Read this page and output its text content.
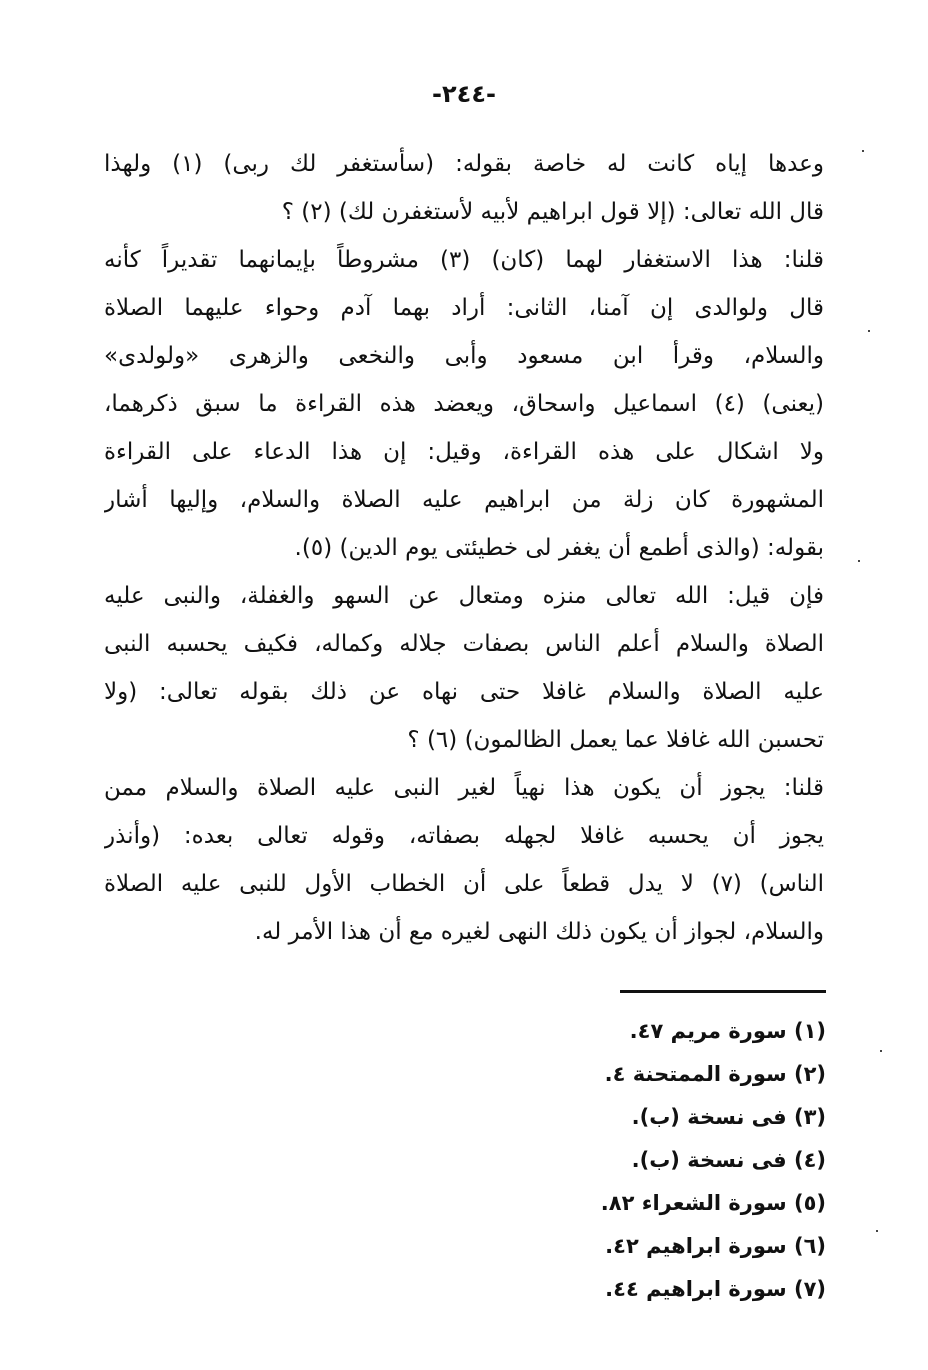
-٢٤٤-
وعدها إياه كانت له خاصة بقوله: (سأستغفر لك ربى) (١) ولهذا
قال الله تعالى: (إلا قول ابراهيم لأبيه لأستغفرن لك) (٢) ؟
قلنا: هذا الاستغفار لهما (كان) (٣) مشروطاً بإيمانهما تقديراً كأنه
قال ولوالدى إن آمنا، الثانى: أراد بهما آدم وحواء عليهما الصلاة
والسلام، وقرأ ابن مسعود وأبى والنخعى والزهرى «ولولدى»
(يعنى) (٤) اسماعيل واسحاق، ويعضد هذه القراءة ما سبق ذكرهما،
ولا اشكال على هذه القراءة، وقيل: إن هذا الدعاء على القراءة
المشهورة كان زلة من ابراهيم عليه الصلاة والسلام، وإليها أشار
بقوله: (والذى أطمع أن يغفر لى خطيئتى يوم الدين) (٥).
فإن قيل: الله تعالى منزه ومتعال عن السهو والغفلة، والنبى عليه
الصلاة والسلام أعلم الناس بصفات جلاله وكماله، فكيف يحسبه النبى
عليه الصلاة والسلام غافلا حتى نهاه عن ذلك بقوله تعالى: (ولا
تحسبن الله غافلا عما يعمل الظالمون) (٦) ؟
قلنا: يجوز أن يكون هذا نهياً لغير النبى عليه الصلاة والسلام ممن
يجوز أن يحسبه غافلا لجهله بصفاته، وقوله تعالى بعده: (وأنذر
الناس) (٧) لا يدل قطعاً على أن الخطاب الأول للنبى عليه الصلاة
والسلام، لجواز أن يكون ذلك النهى لغيره مع أن هذا الأمر له.
(١) سورة مريم ٤٧.
(٢) سورة الممتحنة ٤.
(٣) فى نسخة (ب).
(٤) فى نسخة (ب).
(٥) سورة الشعراء ٨٢.
(٦) سورة ابراهيم ٤٢.
(٧) سورة ابراهيم ٤٤.
